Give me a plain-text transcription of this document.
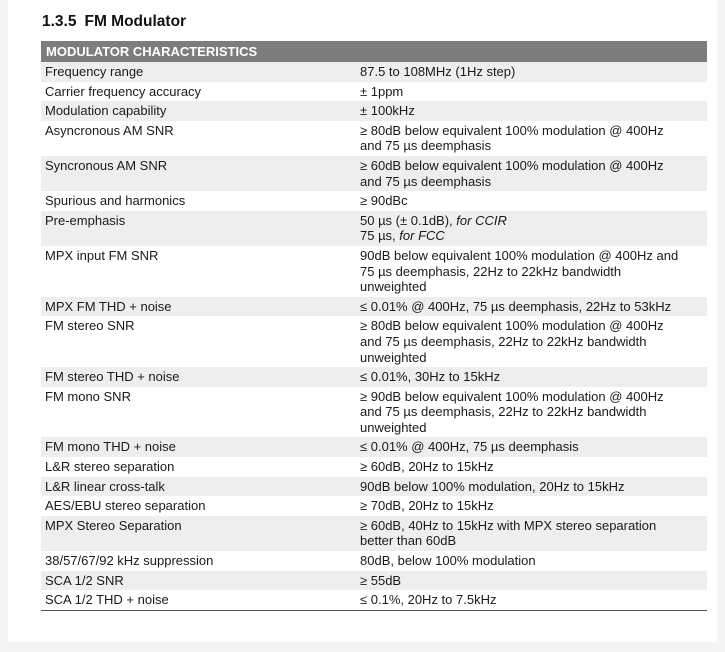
1.3.5 FM Modulator
MODULATOR CHARACTERISTICS	
Frequency range	87.5 to 108MHz (1Hz step)

Carrier frequency accuracy	± 1ppm

Modulation capability	± 100kHz

Asyncronous AM SNR	≥ 80dB below equivalent 100% modulation @ 400Hz
and 75 µs deemphasis

Syncronous AM SNR	≥ 60dB below equivalent 100% modulation @ 400Hz
and 75 µs deemphasis

Spurious and harmonics	≥ 90dBc

Pre-emphasis	50 µs (± 0.1dB), for CCIR
75 µs, for FCC

MPX input FM SNR	90dB below equivalent 100% modulation @ 400Hz and
75 µs deemphasis, 22Hz to 22kHz bandwidth
unweighted

MPX FM THD + noise	≤ 0.01% @ 400Hz, 75 µs deemphasis, 22Hz to 53kHz

FM stereo SNR	≥ 80dB below equivalent 100% modulation @ 400Hz
and 75 µs deemphasis, 22Hz to 22kHz bandwidth
unweighted

FM stereo THD + noise	≤ 0.01%, 30Hz to 15kHz

FM mono SNR	≥ 90dB below equivalent 100% modulation @ 400Hz
and 75 µs deemphasis, 22Hz to 22kHz bandwidth
unweighted

FM mono THD + noise	≤ 0.01% @ 400Hz, 75 µs deemphasis

L&R stereo separation	≥ 60dB, 20Hz to 15kHz

L&R linear cross-talk	90dB below 100% modulation, 20Hz to 15kHz

AES/EBU stereo separation	≥ 70dB, 20Hz to 15kHz

MPX Stereo Separation	≥ 60dB, 40Hz to 15kHz with MPX stereo separation
better than 60dB

38/57/67/92 kHz suppression	80dB, below 100% modulation

SCA 1/2 SNR	≥ 55dB

SCA 1/2 THD + noise	≤ 0.1%, 20Hz to 7.5kHz
